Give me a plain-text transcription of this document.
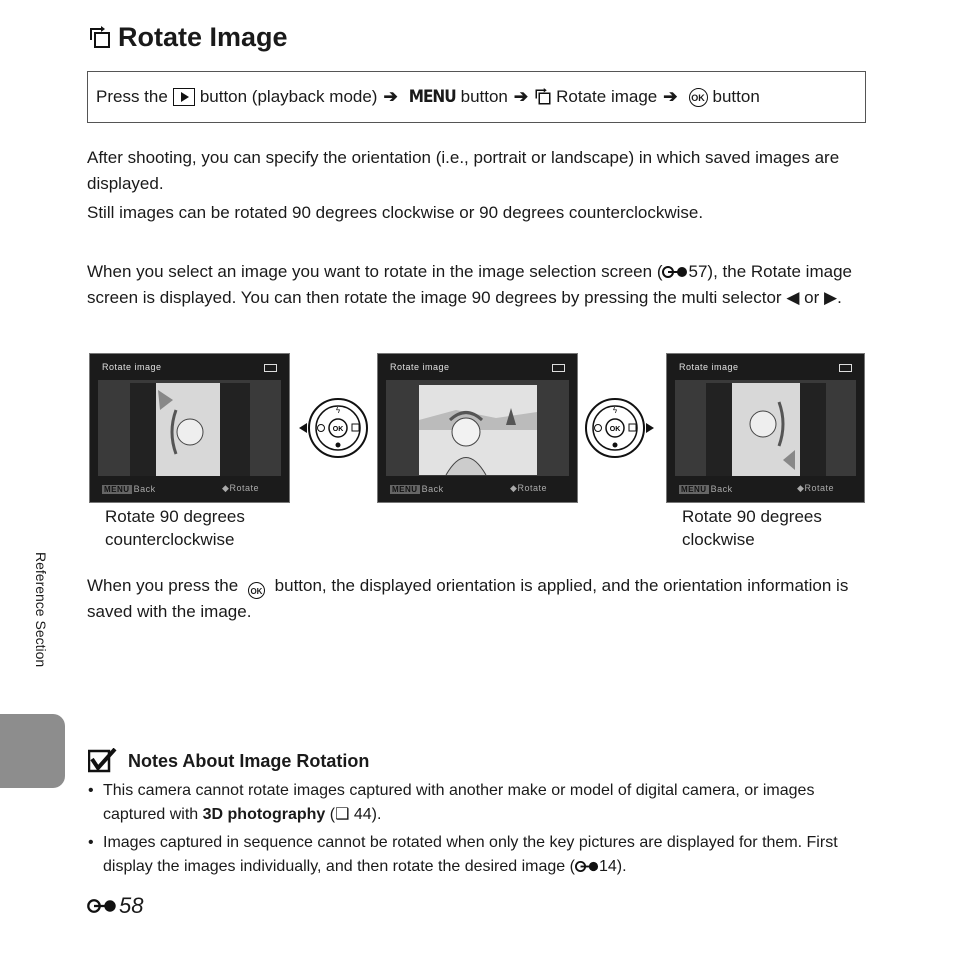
Rotate Image
Press the button (playback mode) ➔ MENU button ➔ Rotate image ➔	OK button
After shooting, you can specify the orientation (i.e., portrait or landscape) in which saved images are displayed.
Still images can be rotated 90 degrees clockwise or 90 degrees counterclockwise.
When you select an image you want to rotate in the image selection screen ( 57), the Rotate image screen is displayed. You can then rotate the image 90 degrees by pressing the multi selector ◀ or ▶.
Rotate image
MENU Back	◆Rotate
OK
ϟ
Rotate image
MENU Back	◆Rotate
OK
ϟ
Rotate image
MENU Back	◆Rotate
Rotate 90 degrees counterclockwise
Rotate 90 degrees clockwise
When you press the OK button, the displayed orientation is applied, and the orientation information is saved with the image.
Reference Section
Notes About Image Rotation
• This camera cannot rotate images captured with another make or model of digital camera, or images captured with 3D photography (❑ 44).
• Images captured in sequence cannot be rotated when only the key pictures are displayed for them. First display the images individually, and then rotate the desired image ( 14).
58
